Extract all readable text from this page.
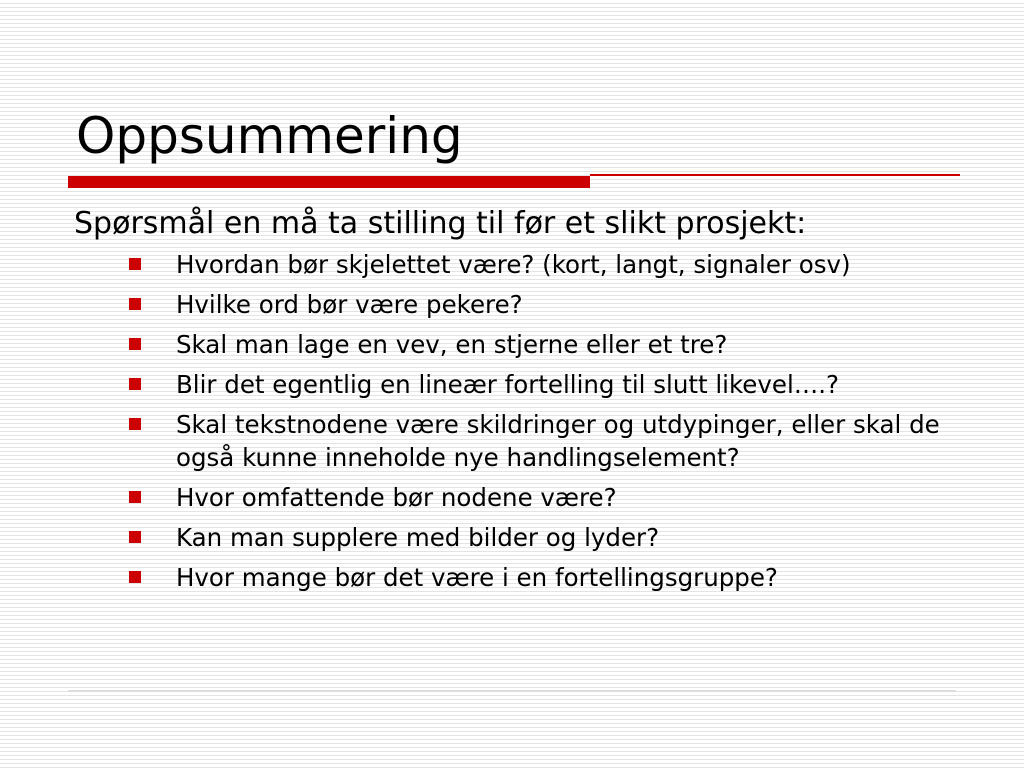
Oppsummering

Spørsmål en må ta stilling til før et slikt prosjekt:

Hvordan bør skjelettet være? (kort, langt, signaler osv)
Hvilke ord bør være pekere?
Skal man lage en vev, en stjerne eller et tre?
Blir det egentlig en lineær fortelling til slutt likevel….?
Skal tekstnodene være skildringer og utdypinger, eller skal de også kunne inneholde nye handlingselement?
Hvor omfattende bør nodene være?
Kan man supplere med bilder og lyder?
Hvor mange bør det være i en fortellingsgruppe?
